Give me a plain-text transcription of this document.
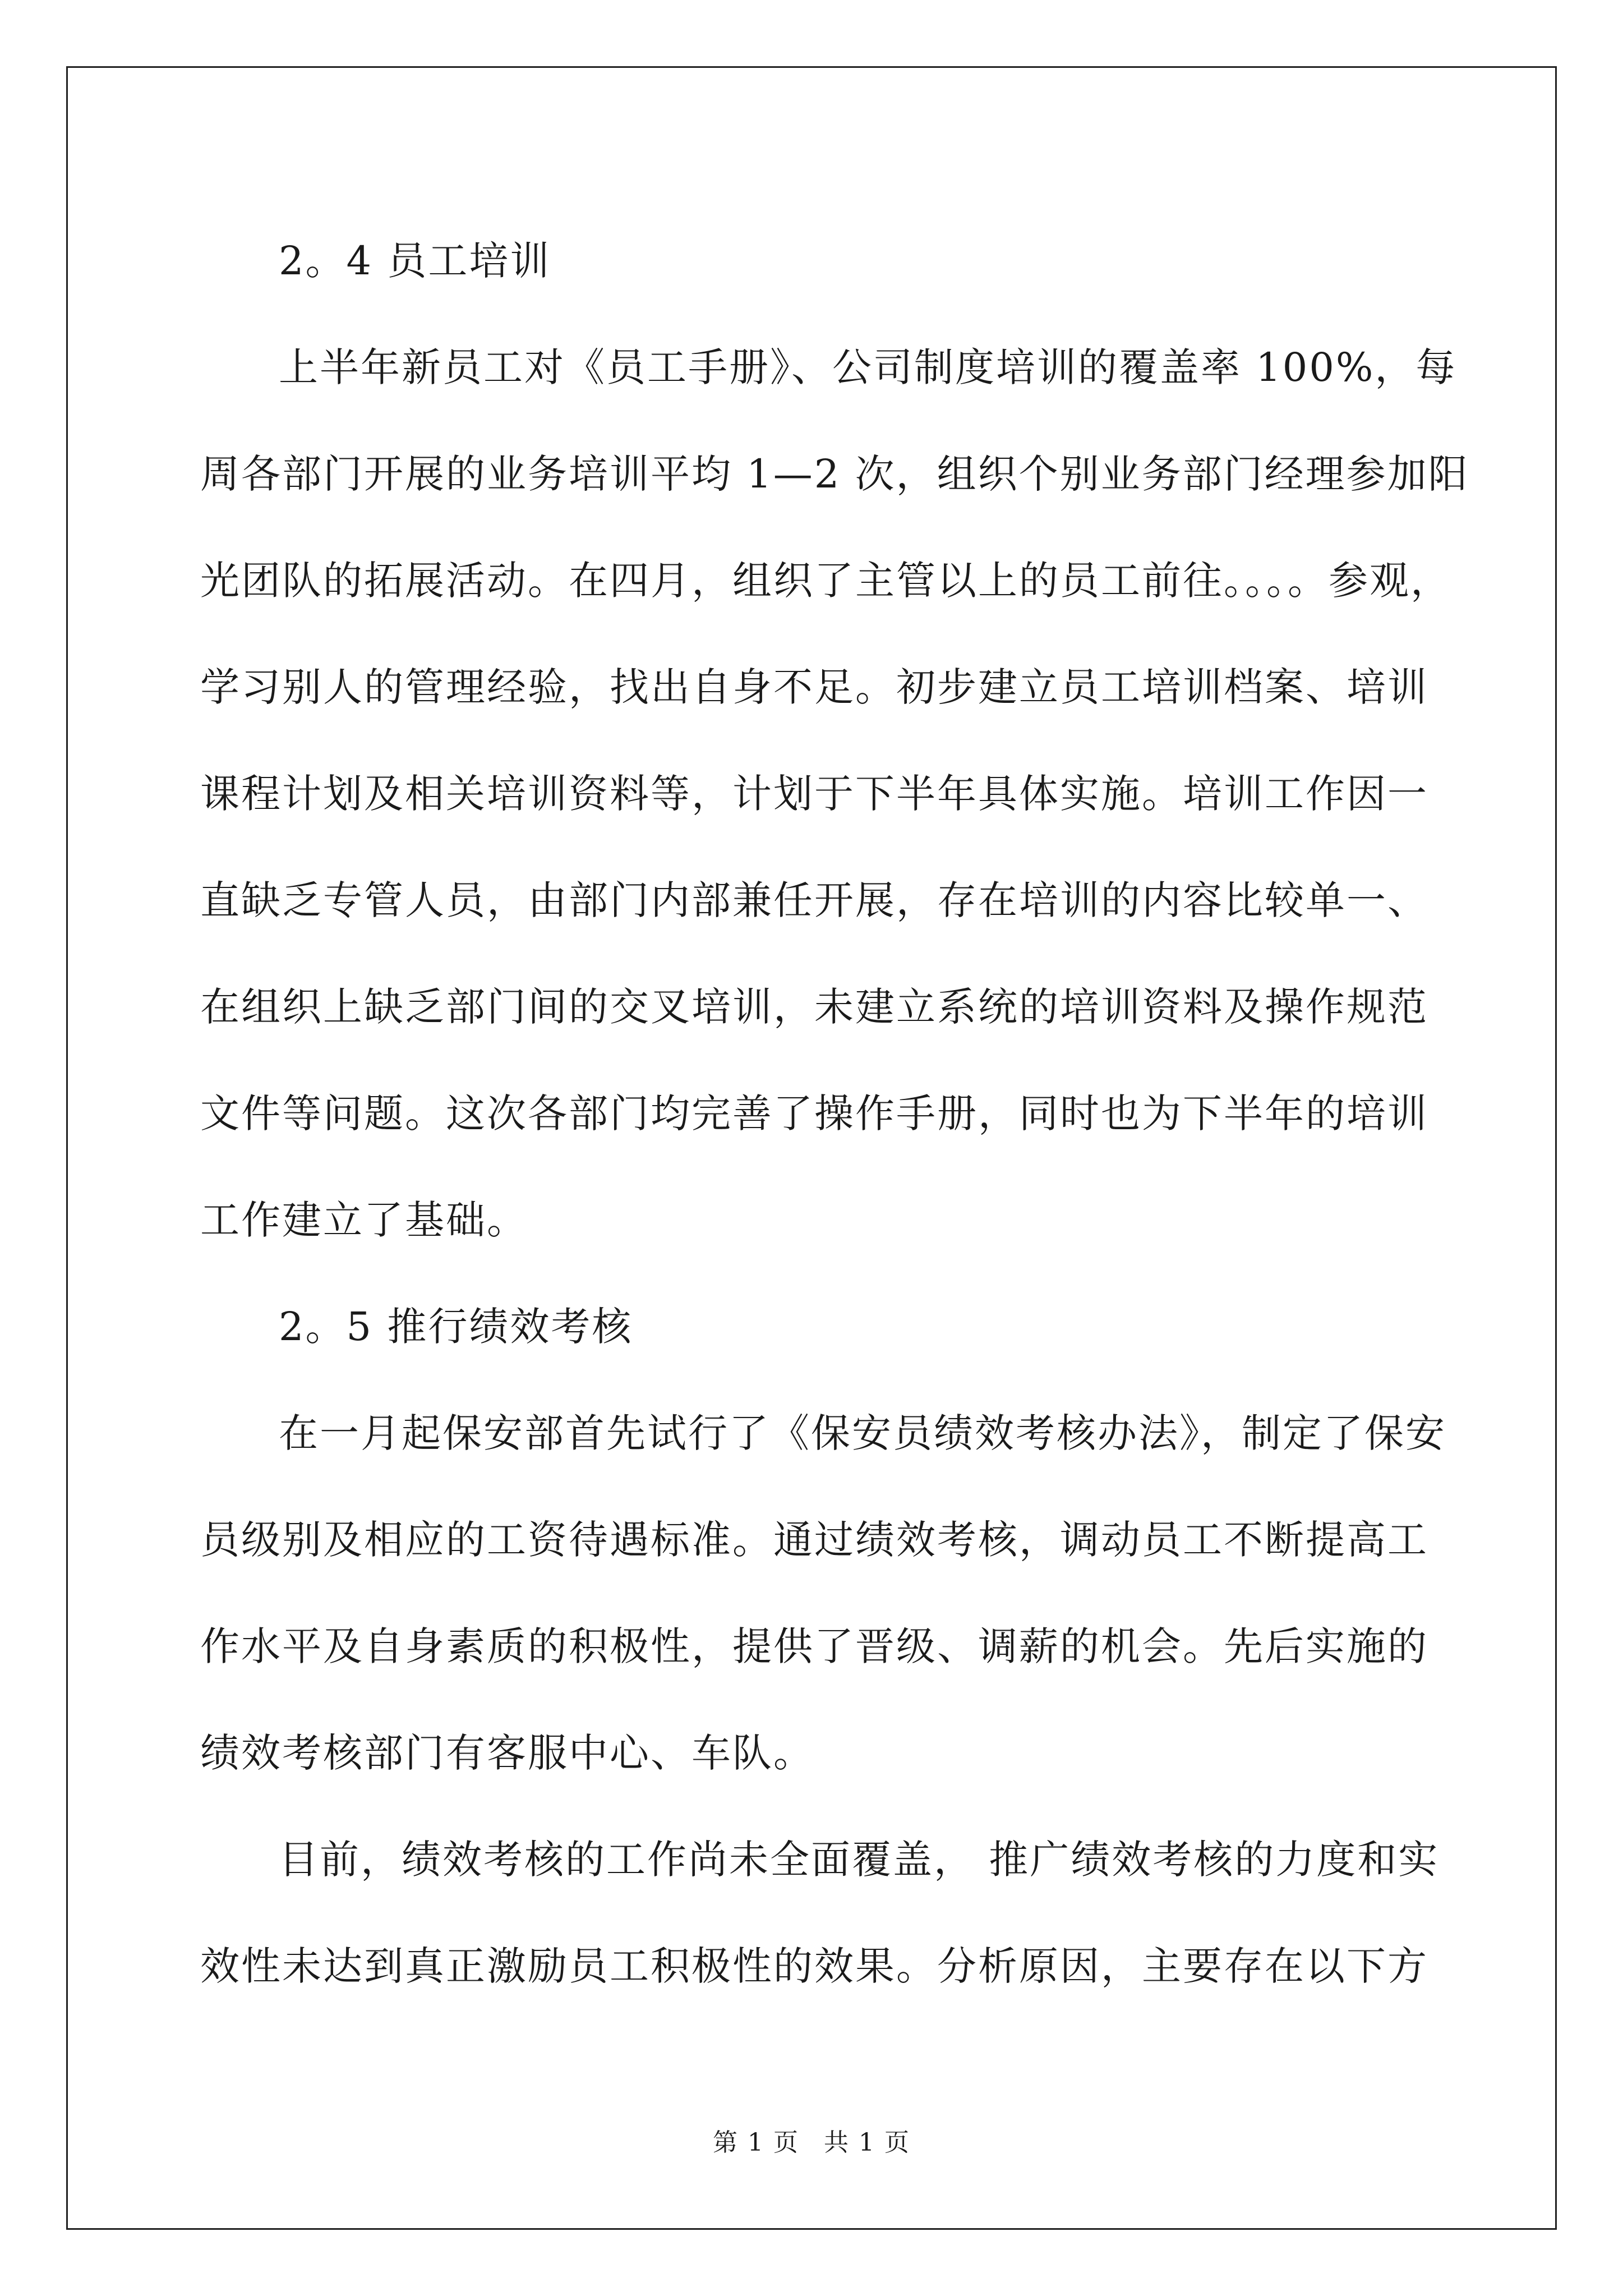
2。4 员工培训
上半年新员工对《员工手册》、公司制度培训的覆盖率 100%，每
周各部门开展的业务培训平均 1—2 次，组织个别业务部门经理参加阳
光团队的拓展活动。在四月，组织了主管以上的员工前往。。。。参观，
学习别人的管理经验，找出自身不足。初步建立员工培训档案、培训
课程计划及相关培训资料等，计划于下半年具体实施。培训工作因一
直缺乏专管人员，由部门内部兼任开展，存在培训的内容比较单一、
在组织上缺乏部门间的交叉培训，未建立系统的培训资料及操作规范
文件等问题。这次各部门均完善了操作手册，同时也为下半年的培训
工作建立了基础。
2。5 推行绩效考核
在一月起保安部首先试行了《保安员绩效考核办法》，制定了保安
员级别及相应的工资待遇标准。通过绩效考核，调动员工不断提高工
作水平及自身素质的积极性，提供了晋级、调薪的机会。先后实施的
绩效考核部门有客服中心、车队。
目前，绩效考核的工作尚未全面覆盖， 推广绩效考核的力度和实
效性未达到真正激励员工积极性的效果。分析原因，主要存在以下方
第 1 页 共 1 页
